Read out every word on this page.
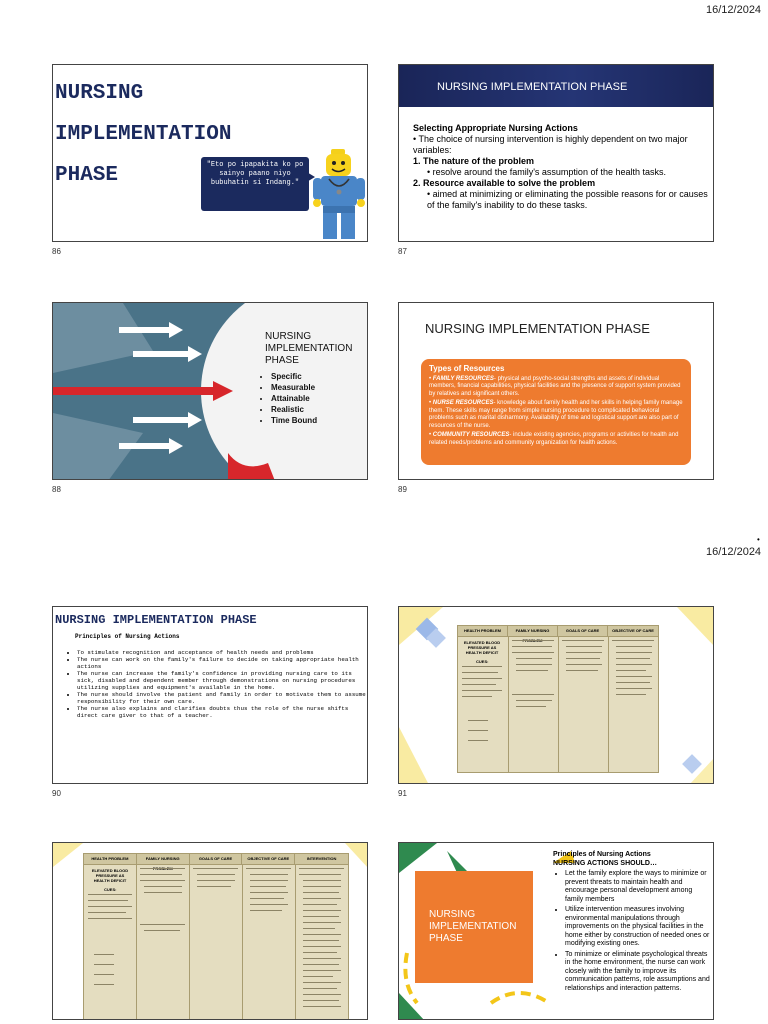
16/12/2024
16/12/2024
•
NURSING
IMPLEMENTATION
PHASE	"Eto po ipapakita ko po sainyo paano niyo bubuhatin si Indang."
86
NURSING IMPLEMENTATION PHASE
Selecting Appropriate Nursing Actions
• The choice of nursing intervention is highly dependent on two major variables:
1. The nature of the problem
• resolve around the family's assumption of the health tasks.
2. Resource available to solve the problem
• aimed at minimizing or eliminating the possible reasons for or causes of the family's inability to do these tasks.
87
NURSING
IMPLEMENTATION
PHASE
• Specific
• Measurable
• Attainable
• Realistic
• Time Bound
88
NURSING IMPLEMENTATION PHASE
Types of Resources
• FAMILY RESOURCES- physical and psycho-social strengths and assets of individual members, financial capabilities, physical facilities and the presence of support system provided by relatives and significant others.
• NURSE RESOURCES- knowledge about family health and her skills in helping family manage them. These skills may range from simple nursing procedure to complicated behavioral problems such as marital disharmony. Availability of time and logistical support are also part of resources of the nurse.
• COMMUNITY RESOURCES- include existing agencies, programs or activities for health and related needs/problems and community organization for health actions.
89
NURSING IMPLEMENTATION PHASE
Principles of Nursing Actions
• To stimulate recognition and acceptance of health needs and problems
• The nurse can work on the family's failure to decide on taking appropriate health actions
• The nurse can increase the family's confidence in providing nursing care to its sick, disabled and dependent member through demonstrations on nursing procedures utilizing supplies and equipment's available in the home.
• The nurse should involve the patient and family in order to motivate them to assume responsibility for their own care.
• The nurse also explains and clarifies doubts thus the role of the nurse shifts direct care giver to that of a teacher.
90
HEALTH PROBLEM	FAMILY NURSING	GOALS OF CARE	OBJECTIVE OF CARE
ELEVATED BLOOD PRESSURE AS HEALTH DEFICIT
CUES:
91
HEALTH PROBLEM	FAMILY NURSING	GOALS OF CARE	OBJECTIVE OF CARE	INTERVENTION
ELEVATED BLOOD PRESSURE AS HEALTH DEFICIT
CUES:
NURSING IMPLEMENTATION PHASE
Principles of Nursing Actions
NURSING ACTIONS SHOULD…
• Let the family explore the ways to minimize or prevent threats to maintain health and encourage personal development among family members
• Utilize intervention measures involving environmental manipulations through improvements on the physical facilities in the home either by construction of needed ones or modifying existing ones.
• To minimize or eliminate psychological threats in the home environment, the nurse can work closely with the family to improve its communication patterns, role assumptions and relationships and interaction patterns.
